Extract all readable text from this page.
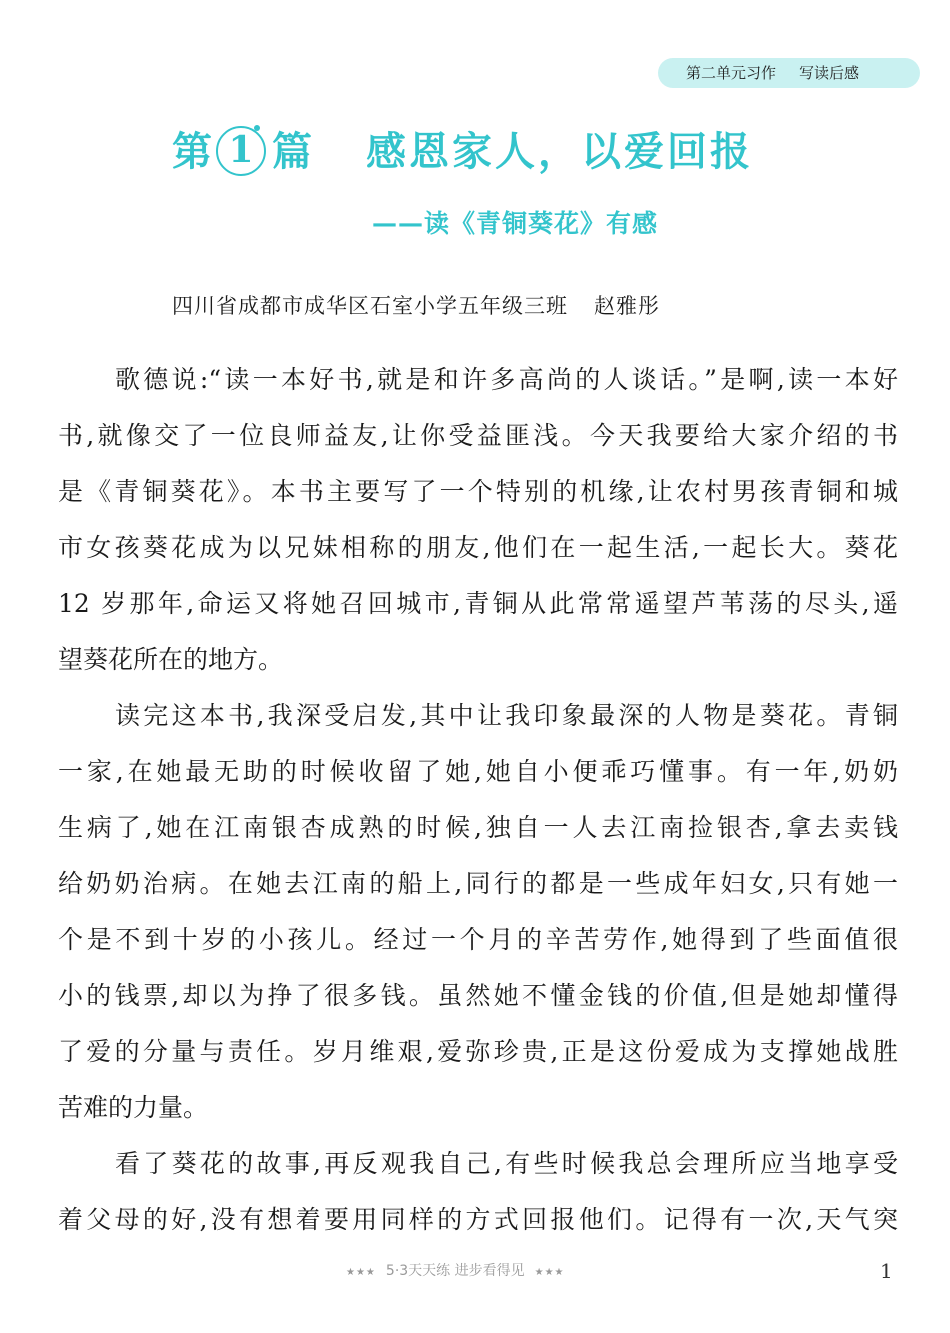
第二单元习作 写读后感
第 1 篇 感恩家人，以爱回报
——读《青铜葵花》有感
四川省成都市成华区石室小学五年级三班 赵雅彤
歌德说:“读一本好书,就是和许多高尚的人谈话。”是啊,读一本好
书,就像交了一位良师益友,让你受益匪浅。今天我要给大家介绍的书
是《青铜葵花》。本书主要写了一个特别的机缘,让农村男孩青铜和城
市女孩葵花成为以兄妹相称的朋友,他们在一起生活,一起长大。葵花
12 岁那年,命运又将她召回城市,青铜从此常常遥望芦苇荡的尽头,遥
望葵花所在的地方。
读完这本书,我深受启发,其中让我印象最深的人物是葵花。青铜
一家,在她最无助的时候收留了她,她自小便乖巧懂事。有一年,奶奶
生病了,她在江南银杏成熟的时候,独自一人去江南捡银杏,拿去卖钱
给奶奶治病。在她去江南的船上,同行的都是一些成年妇女,只有她一
个是不到十岁的小孩儿。经过一个月的辛苦劳作,她得到了些面值很
小的钱票,却以为挣了很多钱。虽然她不懂金钱的价值,但是她却懂得
了爱的分量与责任。岁月维艰,爱弥珍贵,正是这份爱成为支撑她战胜
苦难的力量。
看了葵花的故事,再反观我自己,有些时候我总会理所应当地享受
着父母的好,没有想着要用同样的方式回报他们。记得有一次,天气突
★★★ 5·3天天练 进步看得见 ★★★	1
